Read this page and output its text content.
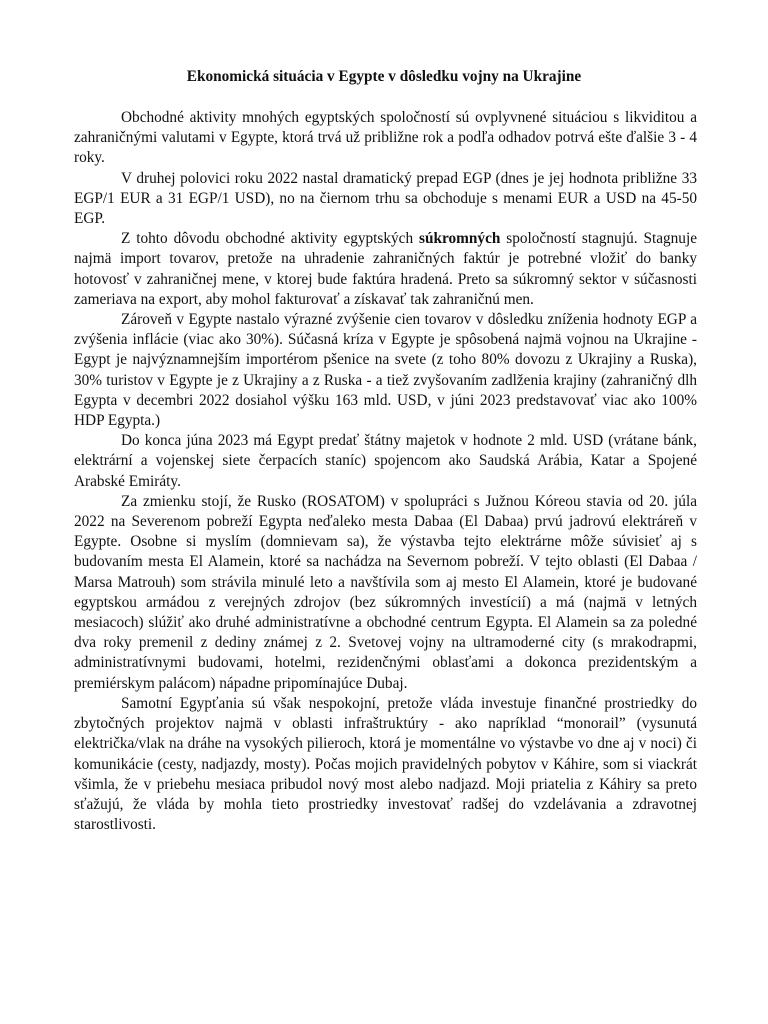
Ekonomická situácia v Egypte v dôsledku vojny na Ukrajine

Obchodné aktivity mnohých egyptských spoločností sú ovplyvnené situáciou s likviditou a zahraničnými valutami v Egypte, ktorá trvá už približne rok a podľa odhadov potrvá ešte ďalšie 3 - 4 roky.

V druhej polovici roku 2022 nastal dramatický prepad EGP (dnes je jej hodnota približne 33 EGP/1 EUR a 31 EGP/1 USD), no na čiernom trhu sa obchoduje s menami EUR a USD na 45-50 EGP.

Z tohto dôvodu obchodné aktivity egyptských súkromných spoločností stagnujú. Stagnuje najmä import tovarov, pretože na uhradenie zahraničných faktúr je potrebné vložiť do banky hotovosť v zahraničnej mene, v ktorej bude faktúra hradená. Preto sa súkromný sektor v súčasnosti zameriava na export, aby mohol fakturovať a získavať tak zahraničnú men.

Zároveň v Egypte nastalo výrazné zvýšenie cien tovarov v dôsledku zníženia hodnoty EGP a zvýšenia inflácie (viac ako 30%). Súčasná kríza v Egypte je spôsobená najmä vojnou na Ukrajine - Egypt je najvýznamnejším importérom pšenice na svete (z toho 80% dovozu z Ukrajiny a Ruska), 30% turistov v Egypte je z Ukrajiny a z Ruska - a tiež zvyšovaním zadlženia krajiny (zahraničný dlh Egypta v decembri 2022 dosiahol výšku 163 mld. USD, v júni 2023 predstavovať viac ako 100% HDP Egypta.)

Do konca júna 2023 má Egypt predať štátny majetok v hodnote 2 mld. USD (vrátane bánk, elektrární a vojenskej siete čerpacích staníc) spojencom ako Saudská Arábia, Katar a Spojené Arabské Emiráty.

Za zmienku stojí, že Rusko (ROSATOM) v spolupráci s Južnou Kóreou stavia od 20. júla 2022 na Severenom pobreží Egypta neďaleko mesta Dabaa (El Dabaa) prvú jadrovú elektráreň v Egypte. Osobne si myslím (domnievam sa), že výstavba tejto elektrárne môže súvisieť aj s budovaním mesta El Alamein, ktoré sa nachádza na Severnom pobreží. V tejto oblasti (El Dabaa / Marsa Matrouh) som strávila minulé leto a navštívila som aj mesto El Alamein, ktoré je budované egyptskou armádou z verejných zdrojov (bez súkromných investícií) a má (najmä v letných mesiacoch) slúžiť ako druhé administratívne a obchodné centrum Egypta. El Alamein sa za poledné dva roky premenil z dediny známej z 2. Svetovej vojny na ultramoderné city (s mrakodrapmi, administratívnymi budovami, hotelmi, rezidenčnými oblasťami a dokonca prezidentským a premiérskym palácom) nápadne pripomínajúce Dubaj.

Samotní Egypťania sú však nespokojní, pretože vláda investuje finančné prostriedky do zbytočných projektov najmä v oblasti infraštruktúry - ako napríklad “monorail” (vysunutá električka/vlak na dráhe na vysokých pilieroch, ktorá je momentálne vo výstavbe vo dne aj v noci) či komunikácie (cesty, nadjazdy, mosty). Počas mojich pravidelných pobytov v Káhire, som si viackrát všimla, že v priebehu mesiaca pribudol nový most alebo nadjazd. Moji priatelia z Káhiry sa preto sťažujú, že vláda by mohla tieto prostriedky investovať radšej do vzdelávania a zdravotnej starostlivosti.
